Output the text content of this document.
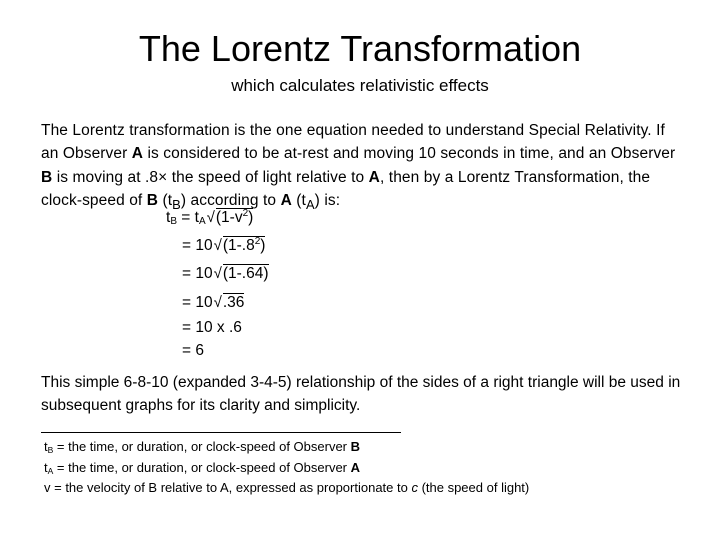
The Lorentz Transformation
which calculates relativistic effects
The Lorentz transformation is the one equation needed to understand Special Relativity. If an Observer A is considered to be at-rest and moving 10 seconds in time, and an Observer B is moving at .8× the speed of light relative to A, then by a Lorentz Transformation, the clock-speed of B $(t_B)$ according to A $(t_A)$ is:
$t_B = t_A√(1-v^2)$
= $10√(1-.8^2)$
= 10√(1-.64)
= 10√.36
= 10 x .6
= 6
This simple 6-8-10 (expanded 3-4-5) relationship of the sides of a right triangle will be used in subsequent graphs for its clarity and simplicity.
$t_B$ = the time, or duration, or clock-speed of Observer B
$t_A$ = the time, or duration, or clock-speed of Observer A
v = the velocity of B relative to A, expressed as proportionate to c (the speed of light)
